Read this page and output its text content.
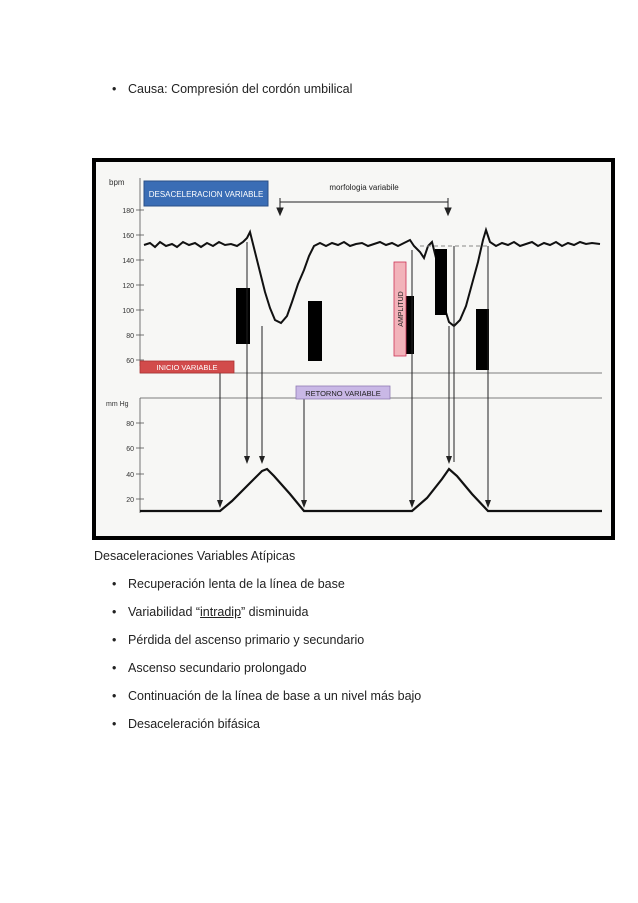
• Causa: Compresión del cordón umbilical
bpm
mm Hg
180
160
140
120
100
80
60
80
60
40
20
morfologia variabile
DESACELERACION VARIABLE
INICIO VARIABLE
RETORNO VARIABLE
AMPLITUD
Desaceleraciones Variables Atípicas
• Recuperación lenta de la línea de base
• Variabilidad “intradip” disminuida
• Pérdida del ascenso primario y secundario
• Ascenso secundario prolongado
• Continuación de la línea de base a un nivel más bajo
• Desaceleración bifásica
